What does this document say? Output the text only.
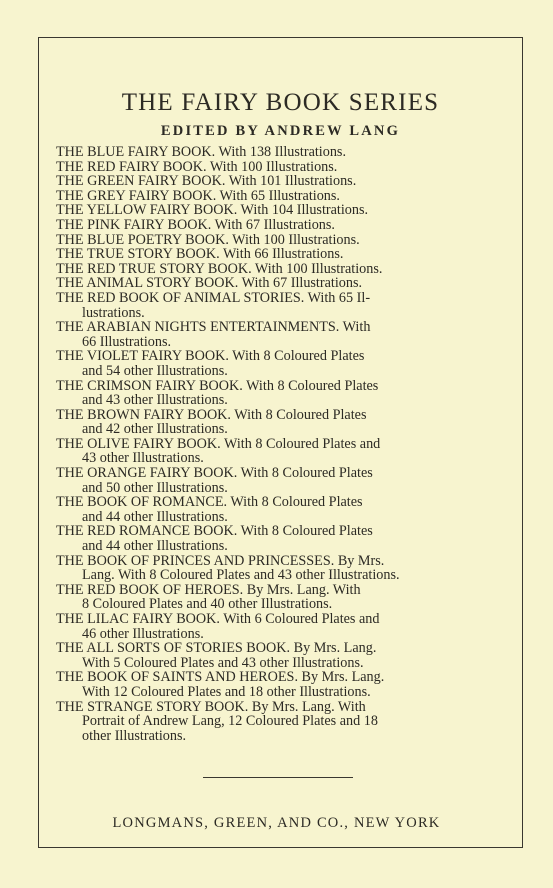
THE FAIRY BOOK SERIES
EDITED BY ANDREW LANG
THE BLUE FAIRY BOOK. With 138 Illustrations.
THE RED FAIRY BOOK. With 100 Illustrations.
THE GREEN FAIRY BOOK. With 101 Illustrations.
THE GREY FAIRY BOOK. With 65 Illustrations.
THE YELLOW FAIRY BOOK. With 104 Illustrations.
THE PINK FAIRY BOOK. With 67 Illustrations.
THE BLUE POETRY BOOK. With 100 Illustrations.
THE TRUE STORY BOOK. With 66 Illustrations.
THE RED TRUE STORY BOOK. With 100 Illustrations.
THE ANIMAL STORY BOOK. With 67 Illustrations.
THE RED BOOK OF ANIMAL STORIES. With 65 Il-
lustrations.
THE ARABIAN NIGHTS ENTERTAINMENTS. With
66 Illustrations.
THE VIOLET FAIRY BOOK. With 8 Coloured Plates
and 54 other Illustrations.
THE CRIMSON FAIRY BOOK. With 8 Coloured Plates
and 43 other Illustrations.
THE BROWN FAIRY BOOK. With 8 Coloured Plates
and 42 other Illustrations.
THE OLIVE FAIRY BOOK. With 8 Coloured Plates and
43 other Illustrations.
THE ORANGE FAIRY BOOK. With 8 Coloured Plates
and 50 other Illustrations.
THE BOOK OF ROMANCE. With 8 Coloured Plates
and 44 other Illustrations.
THE RED ROMANCE BOOK. With 8 Coloured Plates
and 44 other Illustrations.
THE BOOK OF PRINCES AND PRINCESSES. By Mrs.
Lang. With 8 Coloured Plates and 43 other Illustrations.
THE RED BOOK OF HEROES. By Mrs. Lang. With
8 Coloured Plates and 40 other Illustrations.
THE LILAC FAIRY BOOK. With 6 Coloured Plates and
46 other Illustrations.
THE ALL SORTS OF STORIES BOOK. By Mrs. Lang.
With 5 Coloured Plates and 43 other Illustrations.
THE BOOK OF SAINTS AND HEROES. By Mrs. Lang.
With 12 Coloured Plates and 18 other Illustrations.
THE STRANGE STORY BOOK. By Mrs. Lang. With
Portrait of Andrew Lang, 12 Coloured Plates and 18
other Illustrations.
LONGMANS, GREEN, AND CO., NEW YORK
